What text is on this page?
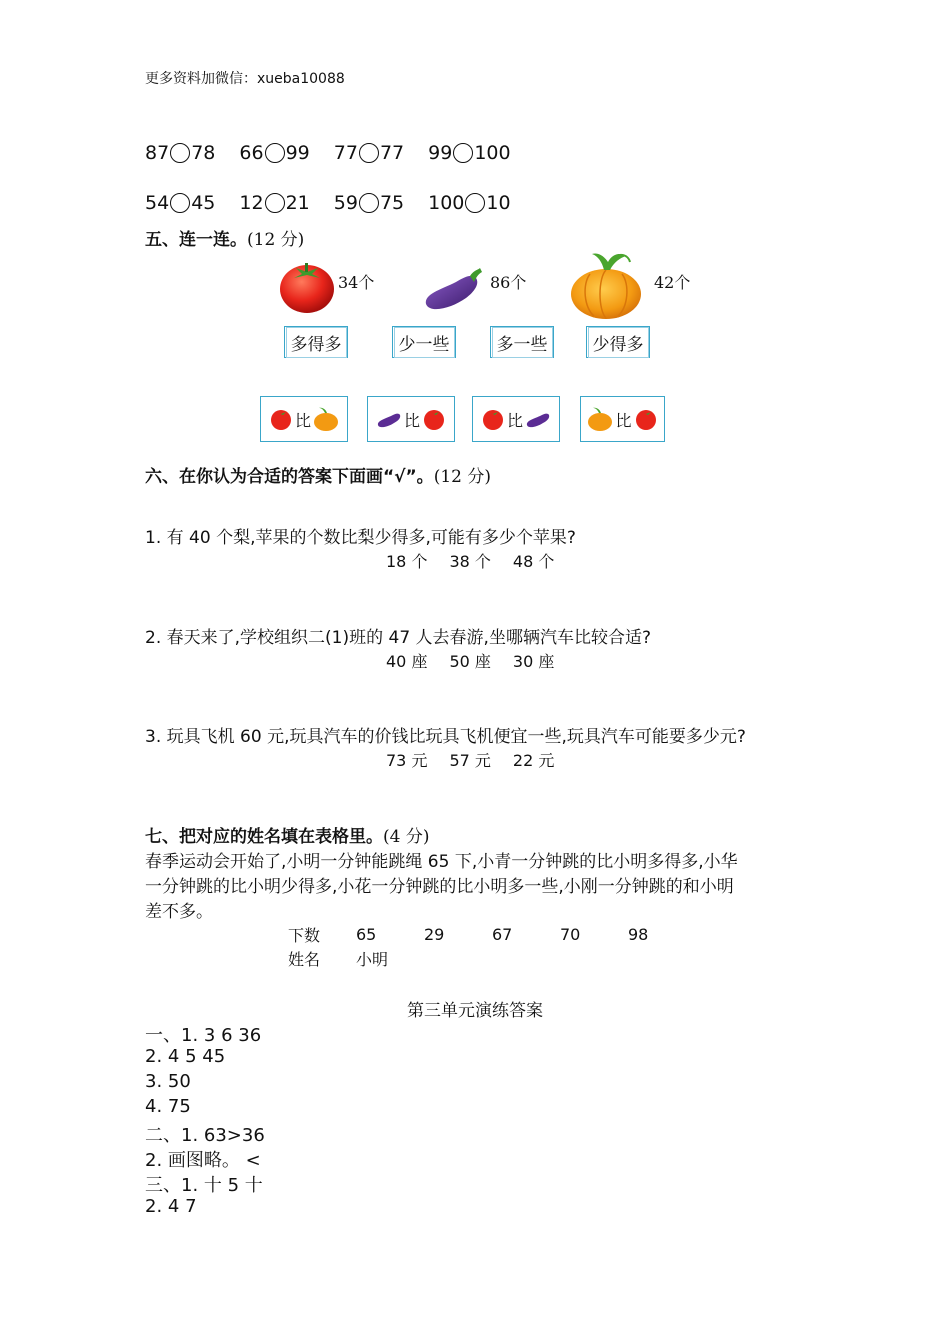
更多资料加微信：xueba10088
87 78 66 99 77 77 99 100
54 45 12 21 59 75 100 10
五、连一连。(12 分)
34个	86个	42个
多得多	少一些	多一些	少得多
比	比	比	比
六、在你认为合适的答案下面画“√”。(12 分)
1. 有 40 个梨,苹果的个数比梨少得多,可能有多少个苹果?
18 个 38 个 48 个
2. 春天来了,学校组织二(1)班的 47 人去春游,坐哪辆汽车比较合适?
40 座 50 座 30 座
3. 玩具飞机 60 元,玩具汽车的价钱比玩具飞机便宜一些,玩具汽车可能要多少元?
73 元 57 元 22 元
七、把对应的姓名填在表格里。(4 分)
春季运动会开始了,小明一分钟能跳绳 65 下,小青一分钟跳的比小明多得多,小华
一分钟跳的比小明少得多,小花一分钟跳的比小明多一些,小刚一分钟跳的和小明
差不多。
下数	65	29	67	70	98
姓名	小明				
第三单元演练答案
一、1. 3 6 36
2. 4 5 45
3. 50
4. 75
二、1. 63>36
2. 画图略。 <
三、1. 十 5 十
2. 4 7
